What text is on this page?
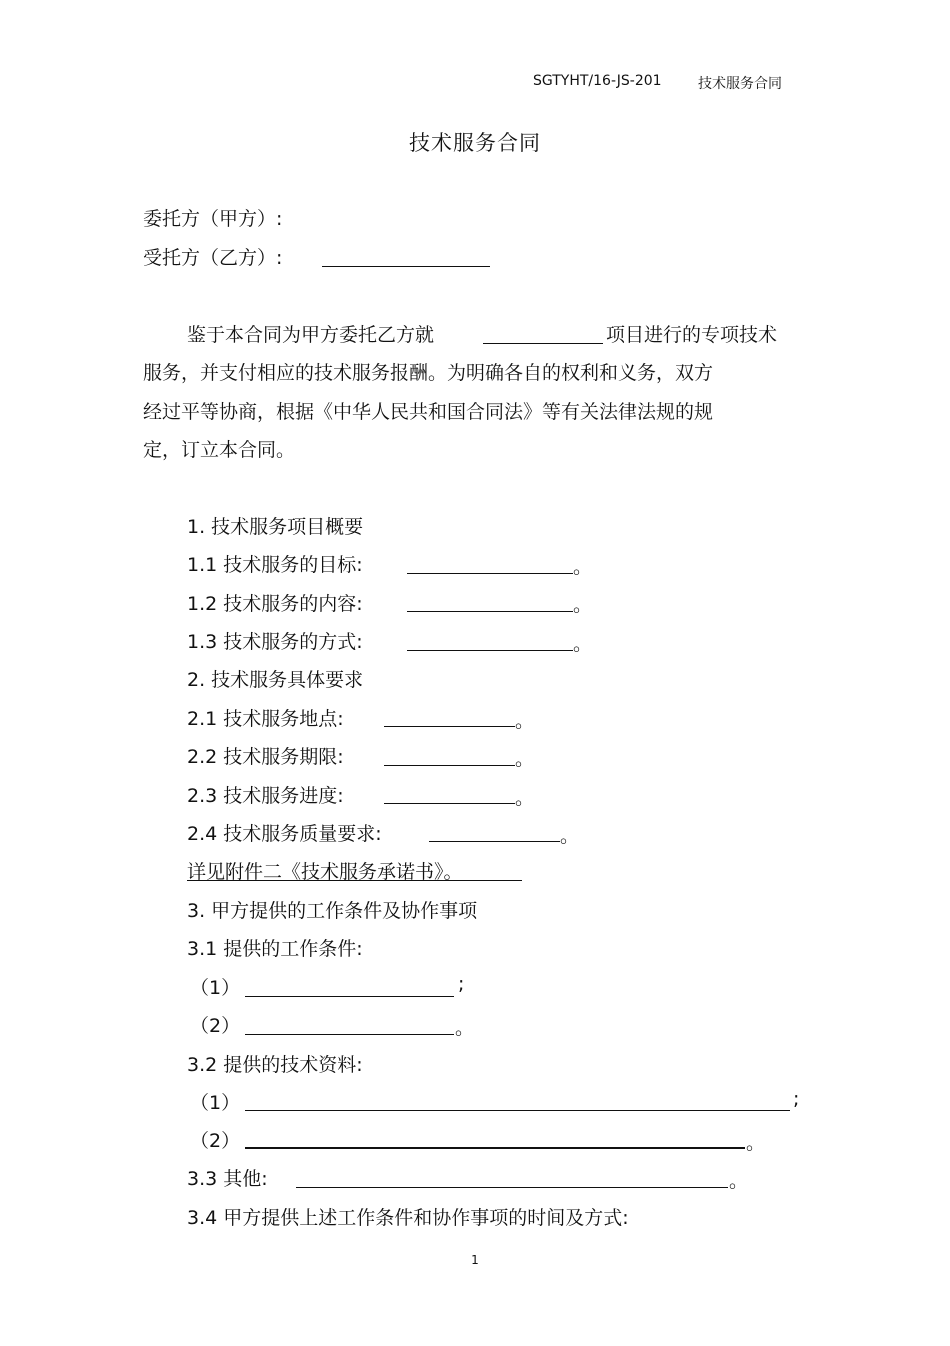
SGTYHT/16-JS-201	技术服务合同
技术服务合同
委托方（甲方）:
受托方（乙方）:
鉴于本合同为甲方委托乙方就	项目进行的专项技术
服务，并支付相应的技术服务报酬。为明确各自的权利和义务，双方
经过平等协商，根据《中华人民共和国合同法》等有关法律法规的规
定，订立本合同。
1. 技术服务项目概要
1.1 技术服务的目标:	。
1.2 技术服务的内容:	。
1.3 技术服务的方式:	。
2. 技术服务具体要求
2.1 技术服务地点:	。
2.2 技术服务期限:	。
2.3 技术服务进度:	。
2.4 技术服务质量要求:	。
详见附件二《技术服务承诺书》。
3. 甲方提供的工作条件及协作事项
3.1 提供的工作条件:
（1）	;
（2）	。
3.2 提供的技术资料:
（1）	;
（2）	。
3.3 其他:	。
3.4 甲方提供上述工作条件和协作事项的时间及方式:
1
